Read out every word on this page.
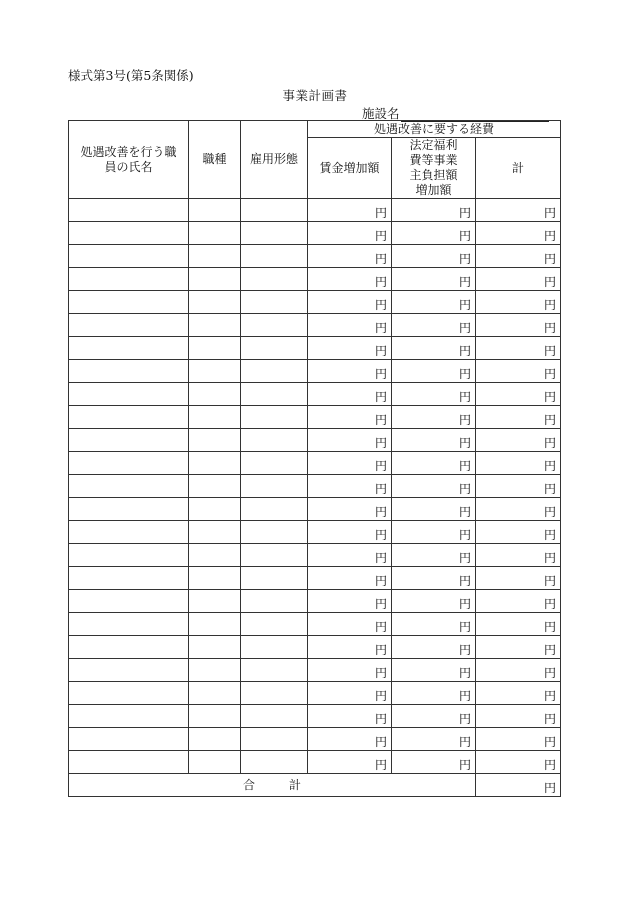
様式第3号(第5条関係)
事業計画書
施設名
処遇改善を行う職員の氏名	職種	雇用形態	処遇改善に要する経費		
			賃金増加額	法定福利費等事業主負担額増加額	計
			円	円	円
			円	円	円
			円	円	円
			円	円	円
			円	円	円
			円	円	円
			円	円	円
			円	円	円
			円	円	円
			円	円	円
			円	円	円
			円	円	円
			円	円	円
			円	円	円
			円	円	円
			円	円	円
			円	円	円
			円	円	円
			円	円	円
			円	円	円
			円	円	円
			円	円	円
			円	円	円
			円	円	円
			円	円	円
合 計					円
